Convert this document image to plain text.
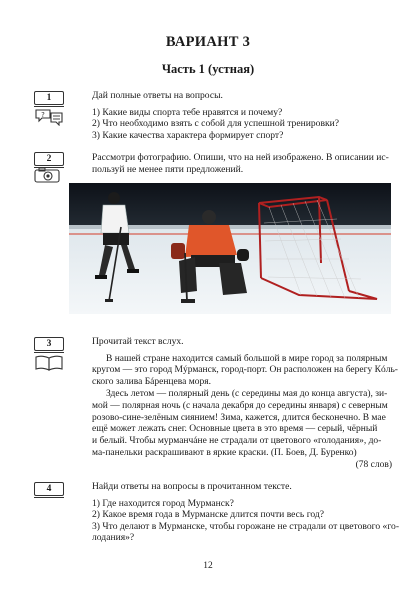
ВАРИАНТ 3
Часть 1 (устная)
1
?
Дай полные ответы на вопросы.
1) Какие виды спорта тебе нравятся и почему?
2) Что необходимо взять с собой для успешной тренировки?
3) Какие качества характера формирует спорт?
2	Рассмотри фотографию. Опиши, что на ней изображено. В описании ис-
пользуй не менее пяти предложений.
3	Прочитай текст вслух.
В нашей стране находится самый большой в мире город за полярным
кругом — это город Мýрманск, город-порт. Он расположен на берегу Кóль-
ского залива Бáренцева моря.
Здесь летом — полярный день (с середины мая до конца августа), зи-
мой — полярная ночь (с начала декабря до середины января) с северным
розово-сине-зелёным сиянием! Зима, кажется, длится бесконечно. В мае
ещё может лежать снег. Основные цвета в это время — серый, чёрный
и белый. Чтобы мурманчáне не страдали от цветового «голодания», до-
ма-панельки раскрашивают в яркие краски. (П. Боев, Д. Буренко)
(78 слов)
4	Найди ответы на вопросы в прочитанном тексте.
1) Где находится город Мурманск?
2) Какое время года в Мурманске длится почти весь год?
3) Что делают в Мурманске, чтобы горожане не страдали от цветового «го-
лодания»?
12
